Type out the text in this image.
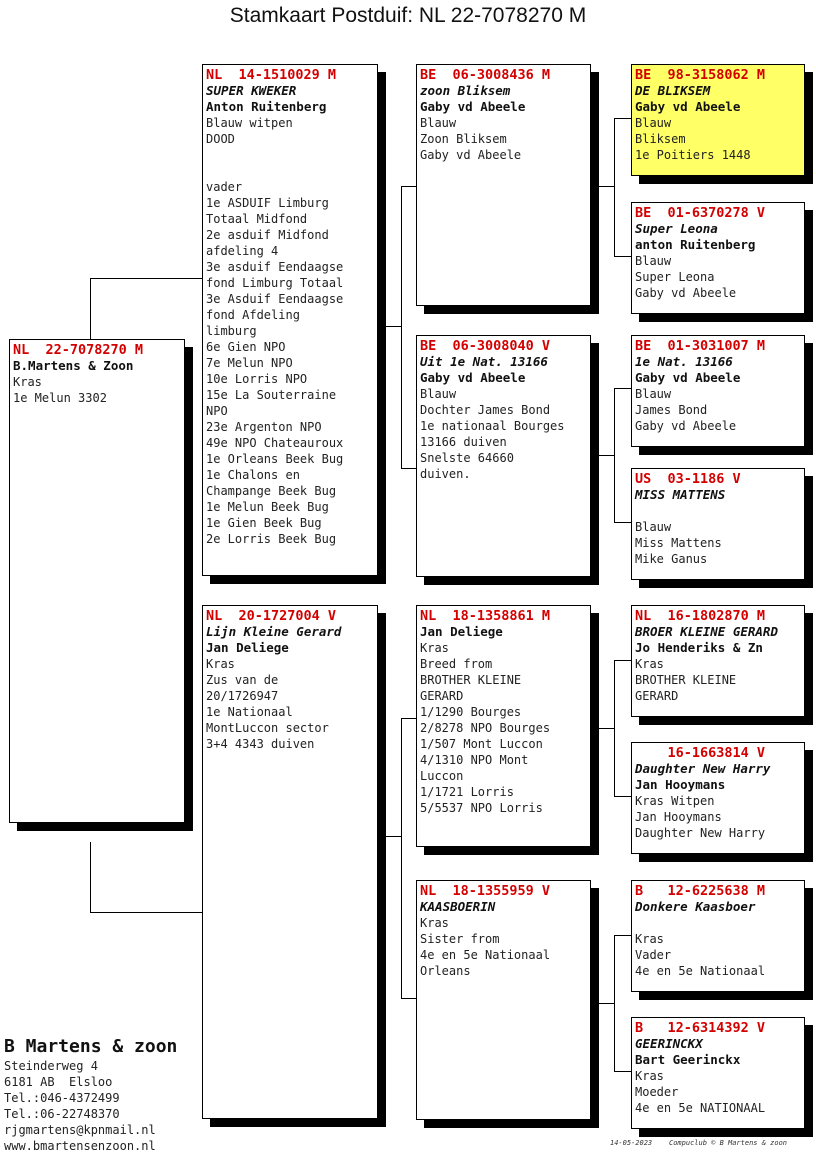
Stamkaart Postduif: NL 22-7078270 M
NL  22-7078270 M
B.Martens & Zoon
Kras
1e Melun 3302
NL  14-1510029 M
SUPER KWEKER
Anton Ruitenberg
Blauw witpen
DOOD
vader
1e ASDUIF Limburg
Totaal Midfond
2e asduif Midfond
afdeling 4
3e asduif Eendaagse
fond Limburg Totaal
3e Asduif Eendaagse
fond Afdeling
limburg
6e Gien NPO
7e Melun NPO
10e Lorris NPO
15e La Souterraine
NPO
23e Argenton NPO
49e NPO Chateauroux
1e Orleans Beek Bug
1e Chalons en
Champange Beek Bug
1e Melun Beek Bug
1e Gien Beek Bug
2e Lorris Beek Bug
NL  20-1727004 V
Lijn Kleine Gerard
Jan Deliege
Kras
Zus van de
20/1726947
1e Nationaal
MontLuccon sector
3+4 4343 duiven
BE  06-3008436 M
zoon Bliksem
Gaby vd Abeele
Blauw
Zoon Bliksem
Gaby vd Abeele
BE  06-3008040 V
Uit 1e Nat. 13166
Gaby vd Abeele
Blauw
Dochter James Bond
1e nationaal Bourges
13166 duiven
Snelste 64660
duiven.
NL  18-1358861 M
Jan Deliege
Kras
Breed from
BROTHER KLEINE
GERARD
1/1290 Bourges
2/8278 NPO Bourges
1/507 Mont Luccon
4/1310 NPO Mont
Luccon
1/1721 Lorris
5/5537 NPO Lorris
NL  18-1355959 V
KAASBOERIN
Kras
Sister from
4e en 5e Nationaal
Orleans
BE  98-3158062 M
DE BLIKSEM
Gaby vd Abeele
Blauw
Bliksem
1e Poitiers 1448
BE  01-6370278 V
Super Leona
anton Ruitenberg
Blauw
Super Leona
Gaby vd Abeele
BE  01-3031007 M
1e Nat. 13166
Gaby vd Abeele
Blauw
James Bond
Gaby vd Abeele
US  03-1186 V
MISS MATTENS
Blauw
Miss Mattens
Mike Ganus
NL  16-1802870 M
BROER KLEINE GERARD
Jo Henderiks & Zn
Kras
BROTHER KLEINE
GERARD
16-1663814 V
Daughter New Harry
Jan Hooymans
Kras Witpen
Jan Hooymans
Daughter New Harry
B   12-6225638 M
Donkere Kaasboer
Kras
Vader
4e en 5e Nationaal
B   12-6314392 V
GEERINCKX
Bart Geerinckx
Kras
Moeder
4e en 5e NATIONAAL
B Martens & zoon
Steinderweg 4
6181 AB  Elsloo
Tel.:046-4372499
Tel.:06-22748370
rjgmartens@kpnmail.nl
www.bmartensenzoon.nl	14-05-2023    Compuclub © B Martens & zoon
